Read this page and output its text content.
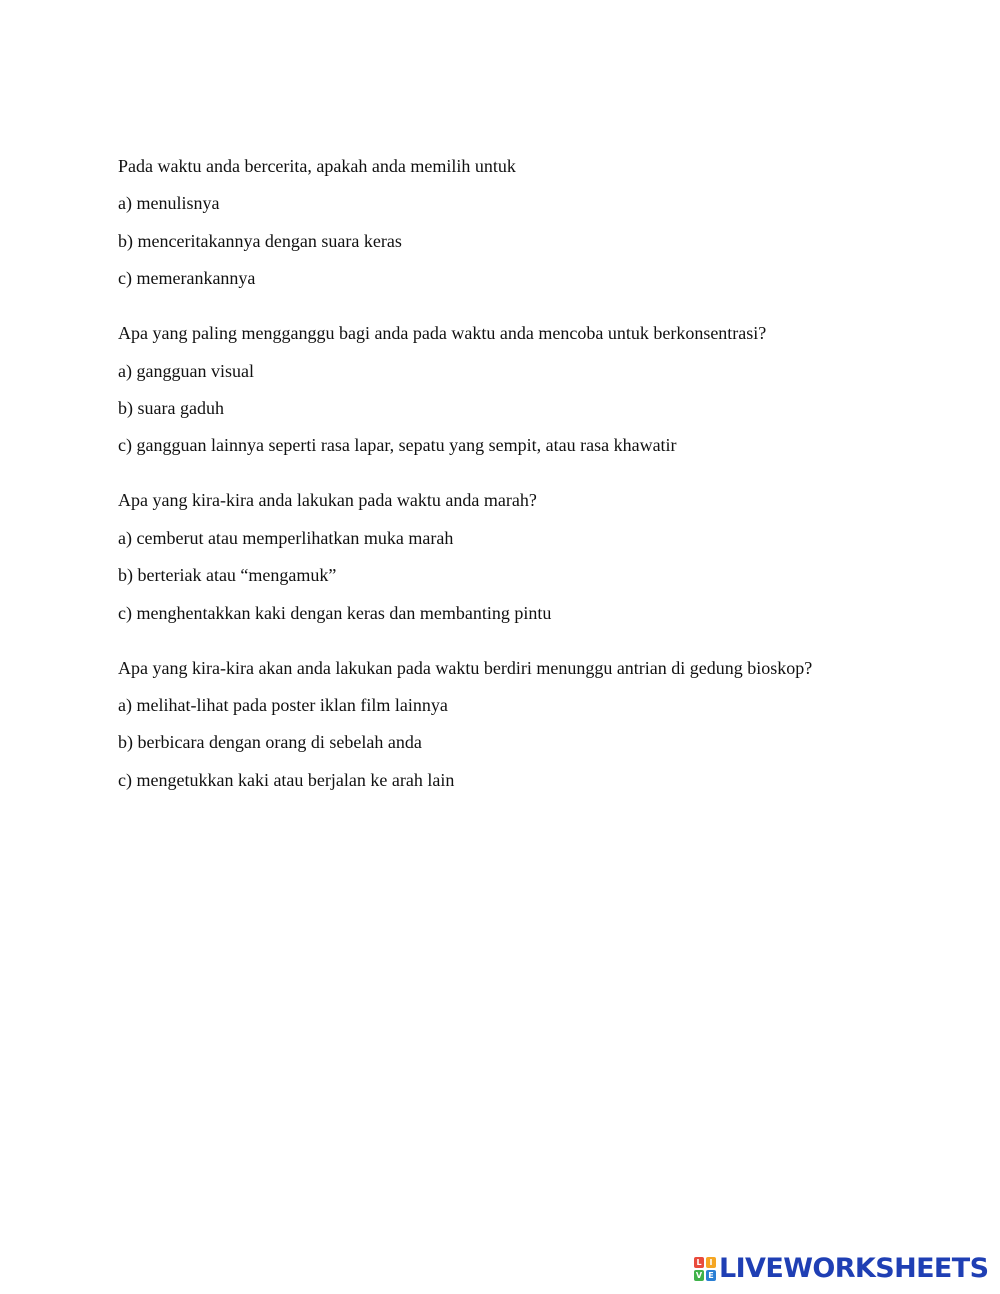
Pada waktu anda bercerita, apakah anda memilih untuk
a) menulisnya
b) menceritakannya dengan suara keras
c) memerankannya
Apa yang paling mengganggu bagi anda pada waktu anda mencoba untuk berkonsentrasi?
a) gangguan visual
b) suara gaduh
c) gangguan lainnya seperti rasa lapar, sepatu yang sempit, atau rasa khawatir
Apa yang kira-kira anda lakukan pada waktu anda marah?
a) cemberut atau memperlihatkan muka marah
b) berteriak atau “mengamuk”
c) menghentakkan kaki dengan keras dan membanting pintu
Apa yang kira-kira akan anda lakukan pada waktu berdiri menunggu antrian di gedung bioskop?
a) melihat-lihat pada poster iklan film lainnya
b) berbicara dengan orang di sebelah anda
c) mengetukkan kaki atau berjalan ke arah lain
L I
V E LIVEWORKSHEETS
